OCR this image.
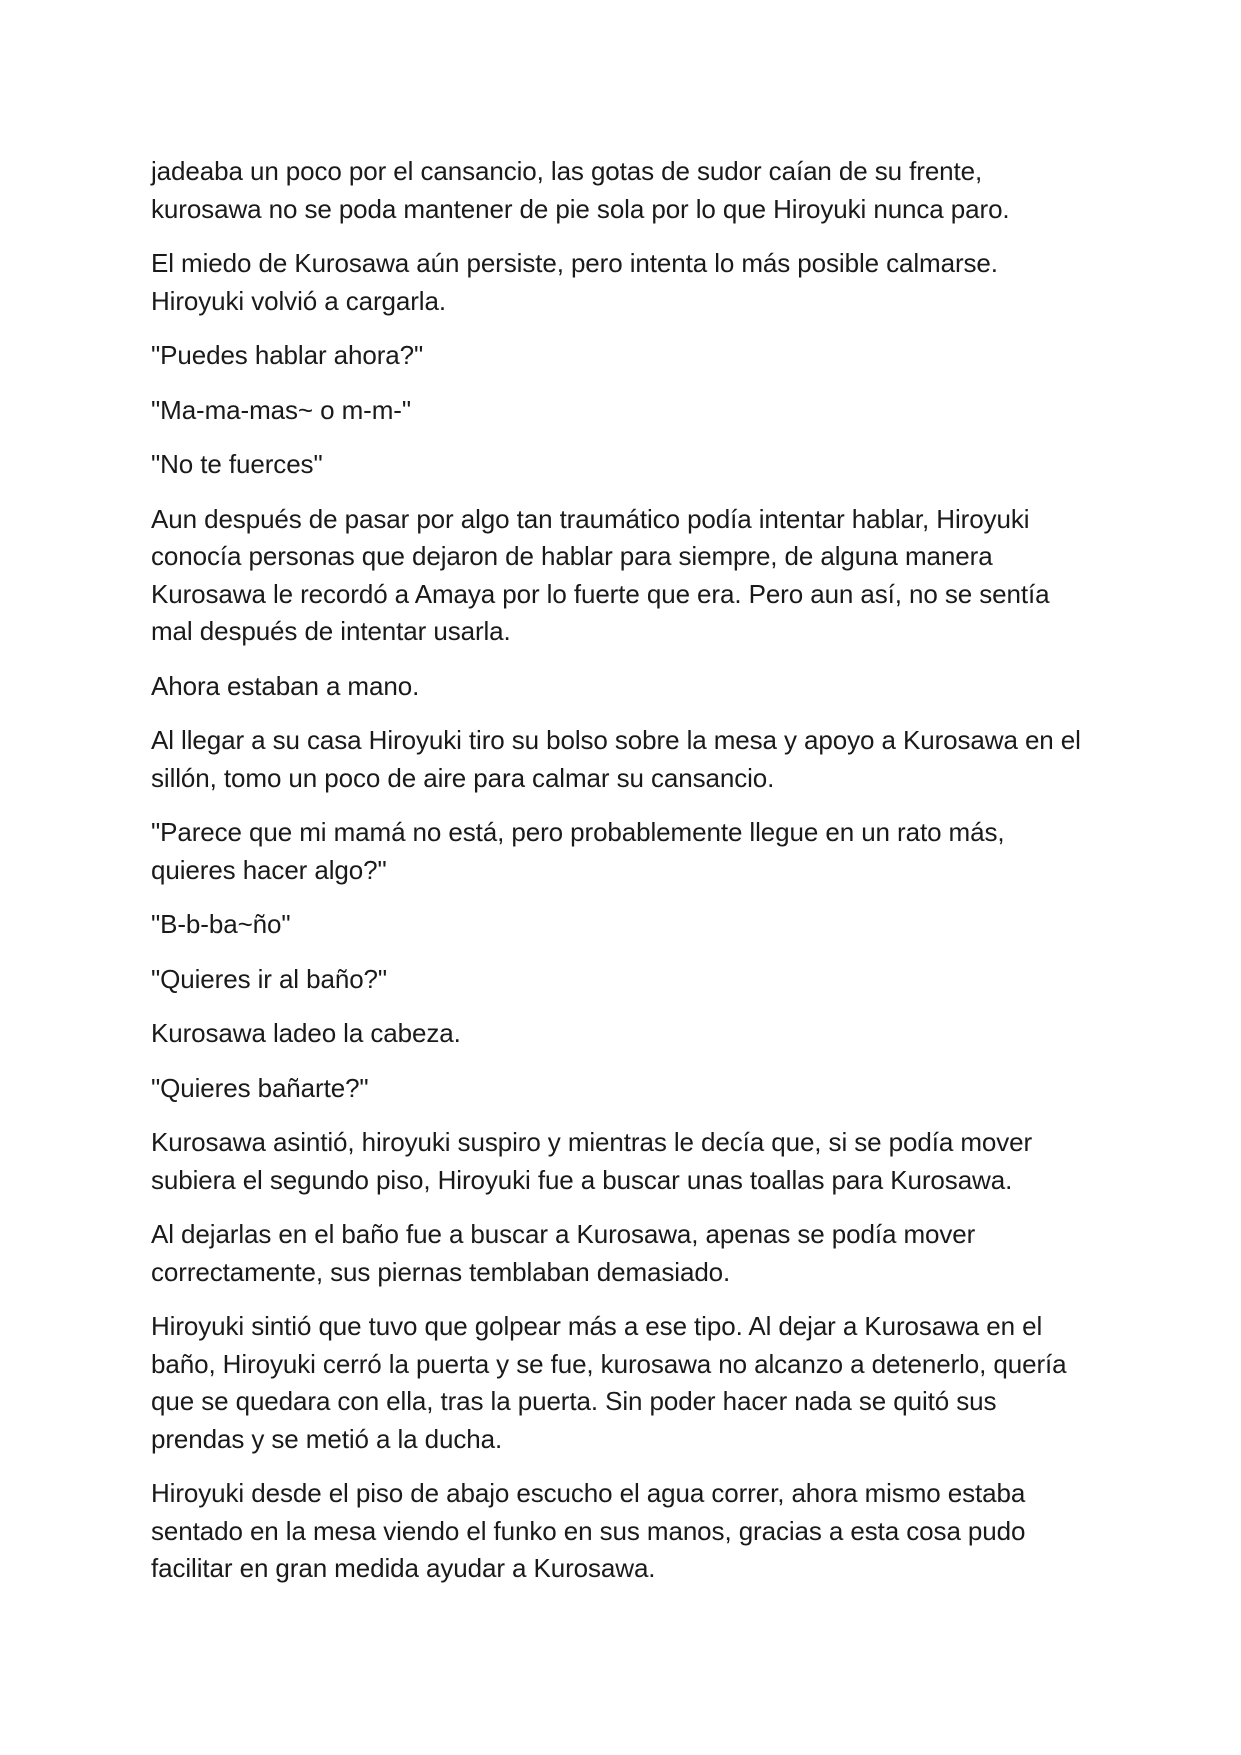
jadeaba un poco por el cansancio, las gotas de sudor caían de su frente,
kurosawa no se poda mantener de pie sola por lo que Hiroyuki nunca paro.

El miedo de Kurosawa aún persiste, pero intenta lo más posible calmarse.
Hiroyuki volvió a cargarla.

"Puedes hablar ahora?"

"Ma-ma-mas~ o m-m-"

"No te fuerces"

Aun después de pasar por algo tan traumático podía intentar hablar, Hiroyuki
conocía personas que dejaron de hablar para siempre, de alguna manera
Kurosawa le recordó a Amaya por lo fuerte que era. Pero aun así, no se sentía
mal después de intentar usarla.

Ahora estaban a mano.

Al llegar a su casa Hiroyuki tiro su bolso sobre la mesa y apoyo a Kurosawa en el
sillón, tomo un poco de aire para calmar su cansancio.

"Parece que mi mamá no está, pero probablemente llegue en un rato más,
quieres hacer algo?"

"B-b-ba~ño"

"Quieres ir al baño?"

Kurosawa ladeo la cabeza.

"Quieres bañarte?"

Kurosawa asintió, hiroyuki suspiro y mientras le decía que, si se podía mover
subiera el segundo piso, Hiroyuki fue a buscar unas toallas para Kurosawa.

Al dejarlas en el baño fue a buscar a Kurosawa, apenas se podía mover
correctamente, sus piernas temblaban demasiado.

Hiroyuki sintió que tuvo que golpear más a ese tipo. Al dejar a Kurosawa en el
baño, Hiroyuki cerró la puerta y se fue, kurosawa no alcanzo a detenerlo, quería
que se quedara con ella, tras la puerta. Sin poder hacer nada se quitó sus
prendas y se metió a la ducha.

Hiroyuki desde el piso de abajo escucho el agua correr, ahora mismo estaba
sentado en la mesa viendo el funko en sus manos, gracias a esta cosa pudo
facilitar en gran medida ayudar a Kurosawa.
